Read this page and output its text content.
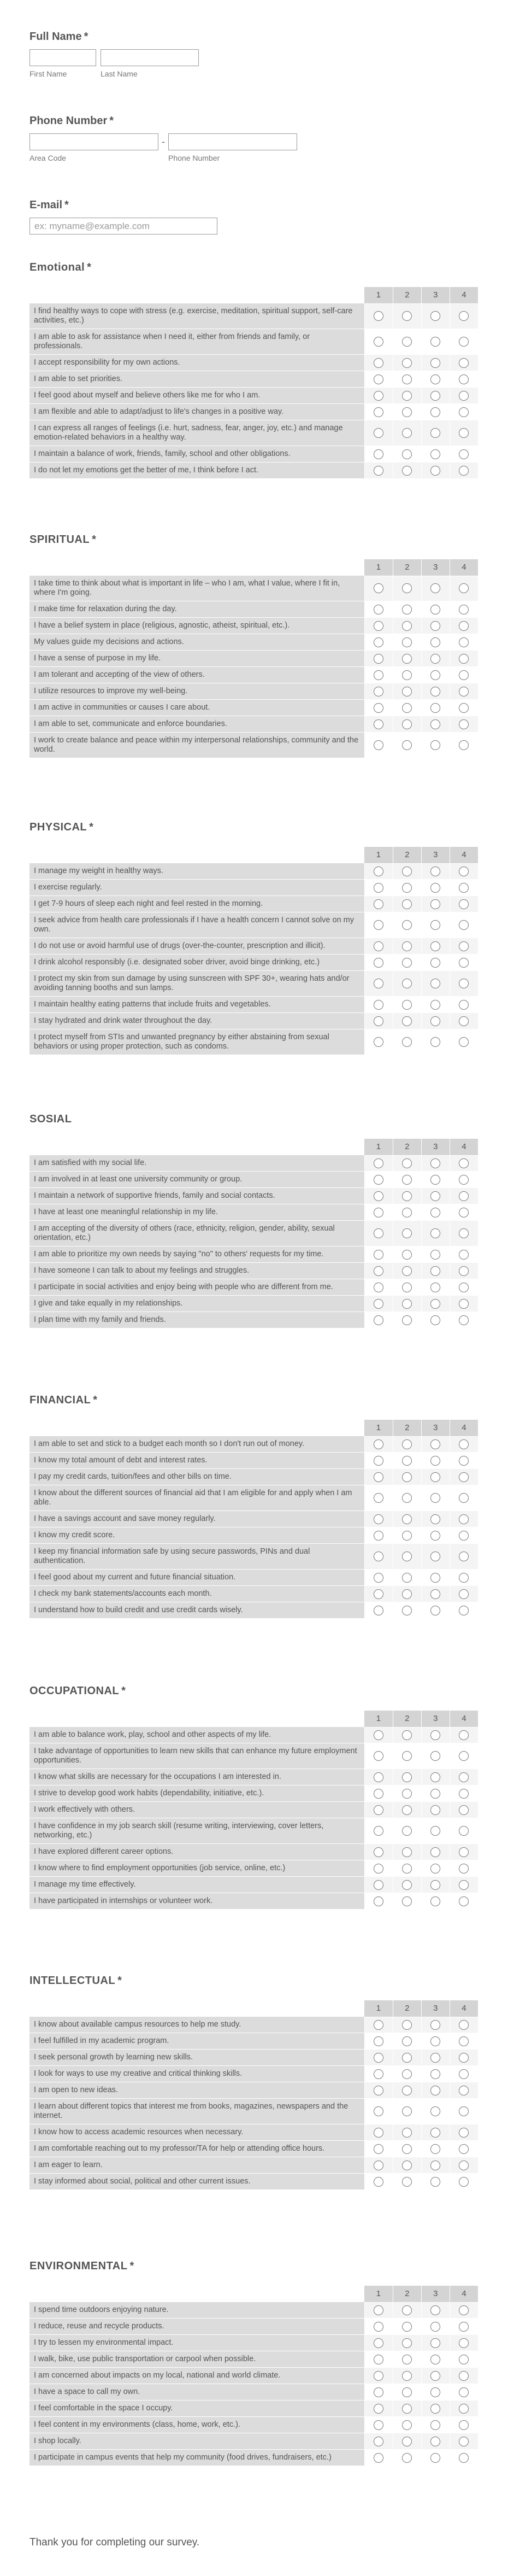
Full Name *
First Name	Last Name
Phone Number *
Area Code
-
Phone Number
E-mail *
ex: myname@example.com
Emotional *
	1	2	3	4
I find healthy ways to cope with stress (e.g. exercise, meditation, spiritual support, self-care activities, etc.)				
I am able to ask for assistance when I need it, either from friends and family, or professionals.				
I accept responsibility for my own actions.				
I am able to set priorities.				
I feel good about myself and believe others like me for who I am.				
I am flexible and able to adapt/adjust to life's changes in a positive way.				
I can express all ranges of feelings (i.e. hurt, sadness, fear, anger, joy, etc.) and manage emotion-related behaviors in a healthy way.				
I maintain a balance of work, friends, family, school and other obligations.				
I do not let my emotions get the better of me, I think before I act.				
SPIRITUAL *
	1	2	3	4
I take time to think about what is important in life – who I am, what I value, where I fit in, where I'm going.				
I make time for relaxation during the day.				
I have a belief system in place (religious, agnostic, atheist, spiritual, etc.).				
My values guide my decisions and actions.				
I have a sense of purpose in my life.				
I am tolerant and accepting of the view of others.				
I utilize resources to improve my well-being.				
I am active in communities or causes I care about.				
I am able to set, communicate and enforce boundaries.				
I work to create balance and peace within my interpersonal relationships, community and the world.				
PHYSICAL *
	1	2	3	4
I manage my weight in healthy ways.				
I exercise regularly.				
I get 7-9 hours of sleep each night and feel rested in the morning.				
I seek advice from health care professionals if I have a health concern I cannot solve on my own.				
I do not use or avoid harmful use of drugs (over-the-counter, prescription and illicit).				
I drink alcohol responsibly (i.e. designated sober driver, avoid binge drinking, etc.)				
I protect my skin from sun damage by using sunscreen with SPF 30+, wearing hats and/or avoiding tanning booths and sun lamps.				
I maintain healthy eating patterns that include fruits and vegetables.				
I stay hydrated and drink water throughout the day.				
I protect myself from STIs and unwanted pregnancy by either abstaining from sexual behaviors or using proper protection, such as condoms.				
SOSIAL
	1	2	3	4
I am satisfied with my social life.				
I am involved in at least one university community or group.				
I maintain a network of supportive friends, family and social contacts.				
I have at least one meaningful relationship in my life.				
I am accepting of the diversity of others (race, ethnicity, religion, gender, ability, sexual orientation, etc.)				
I am able to prioritize my own needs by saying "no" to others' requests for my time.				
I have someone I can talk to about my feelings and struggles.				
I participate in social activities and enjoy being with people who are different from me.				
I give and take equally in my relationships.				
I plan time with my family and friends.				
FINANCIAL *
	1	2	3	4
I am able to set and stick to a budget each month so I don't run out of money.				
I know my total amount of debt and interest rates.				
I pay my credit cards, tuition/fees and other bills on time.				
I know about the different sources of financial aid that I am eligible for and apply when I am able.				
I have a savings account and save money regularly.				
I know my credit score.				
I keep my financial information safe by using secure passwords, PINs and dual authentication.				
I feel good about my current and future financial situation.				
I check my bank statements/accounts each month.				
I understand how to build credit and use credit cards wisely.				
OCCUPATIONAL *
	1	2	3	4
I am able to balance work, play, school and other aspects of my life.				
I take advantage of opportunities to learn new skills that can enhance my future employment opportunities.				
I know what skills are necessary for the occupations I am interested in.				
I strive to develop good work habits (dependability, initiative, etc.).				
I work effectively with others.				
I have confidence in my job search skill (resume writing, interviewing, cover letters, networking, etc.)				
I have explored different career options.				
I know where to find employment opportunities (job service, online, etc.)				
I manage my time effectively.				
I have participated in internships or volunteer work.				
INTELLECTUAL *
	1	2	3	4
I know about available campus resources to help me study.				
I feel fulfilled in my academic program.				
I seek personal growth by learning new skills.				
I look for ways to use my creative and critical thinking skills.				
I am open to new ideas.				
I learn about different topics that interest me from books, magazines, newspapers and the internet.				
I know how to access academic resources when necessary.				
I am comfortable reaching out to my professor/TA for help or attending office hours.				
I am eager to learn.				
I stay informed about social, political and other current issues.				
ENVIRONMENTAL *
	1	2	3	4
I spend time outdoors enjoying nature.				
I reduce, reuse and recycle products.				
I try to lessen my environmental impact.				
I walk, bike, use public transportation or carpool when possible.				
I am concerned about impacts on my local, national and world climate.				
I have a space to call my own.				
I feel comfortable in the space I occupy.				
I feel content in my environments (class, home, work, etc.).				
I shop locally.				
I participate in campus events that help my community (food drives, fundraisers, etc.)				
Thank you for completing our survey.
